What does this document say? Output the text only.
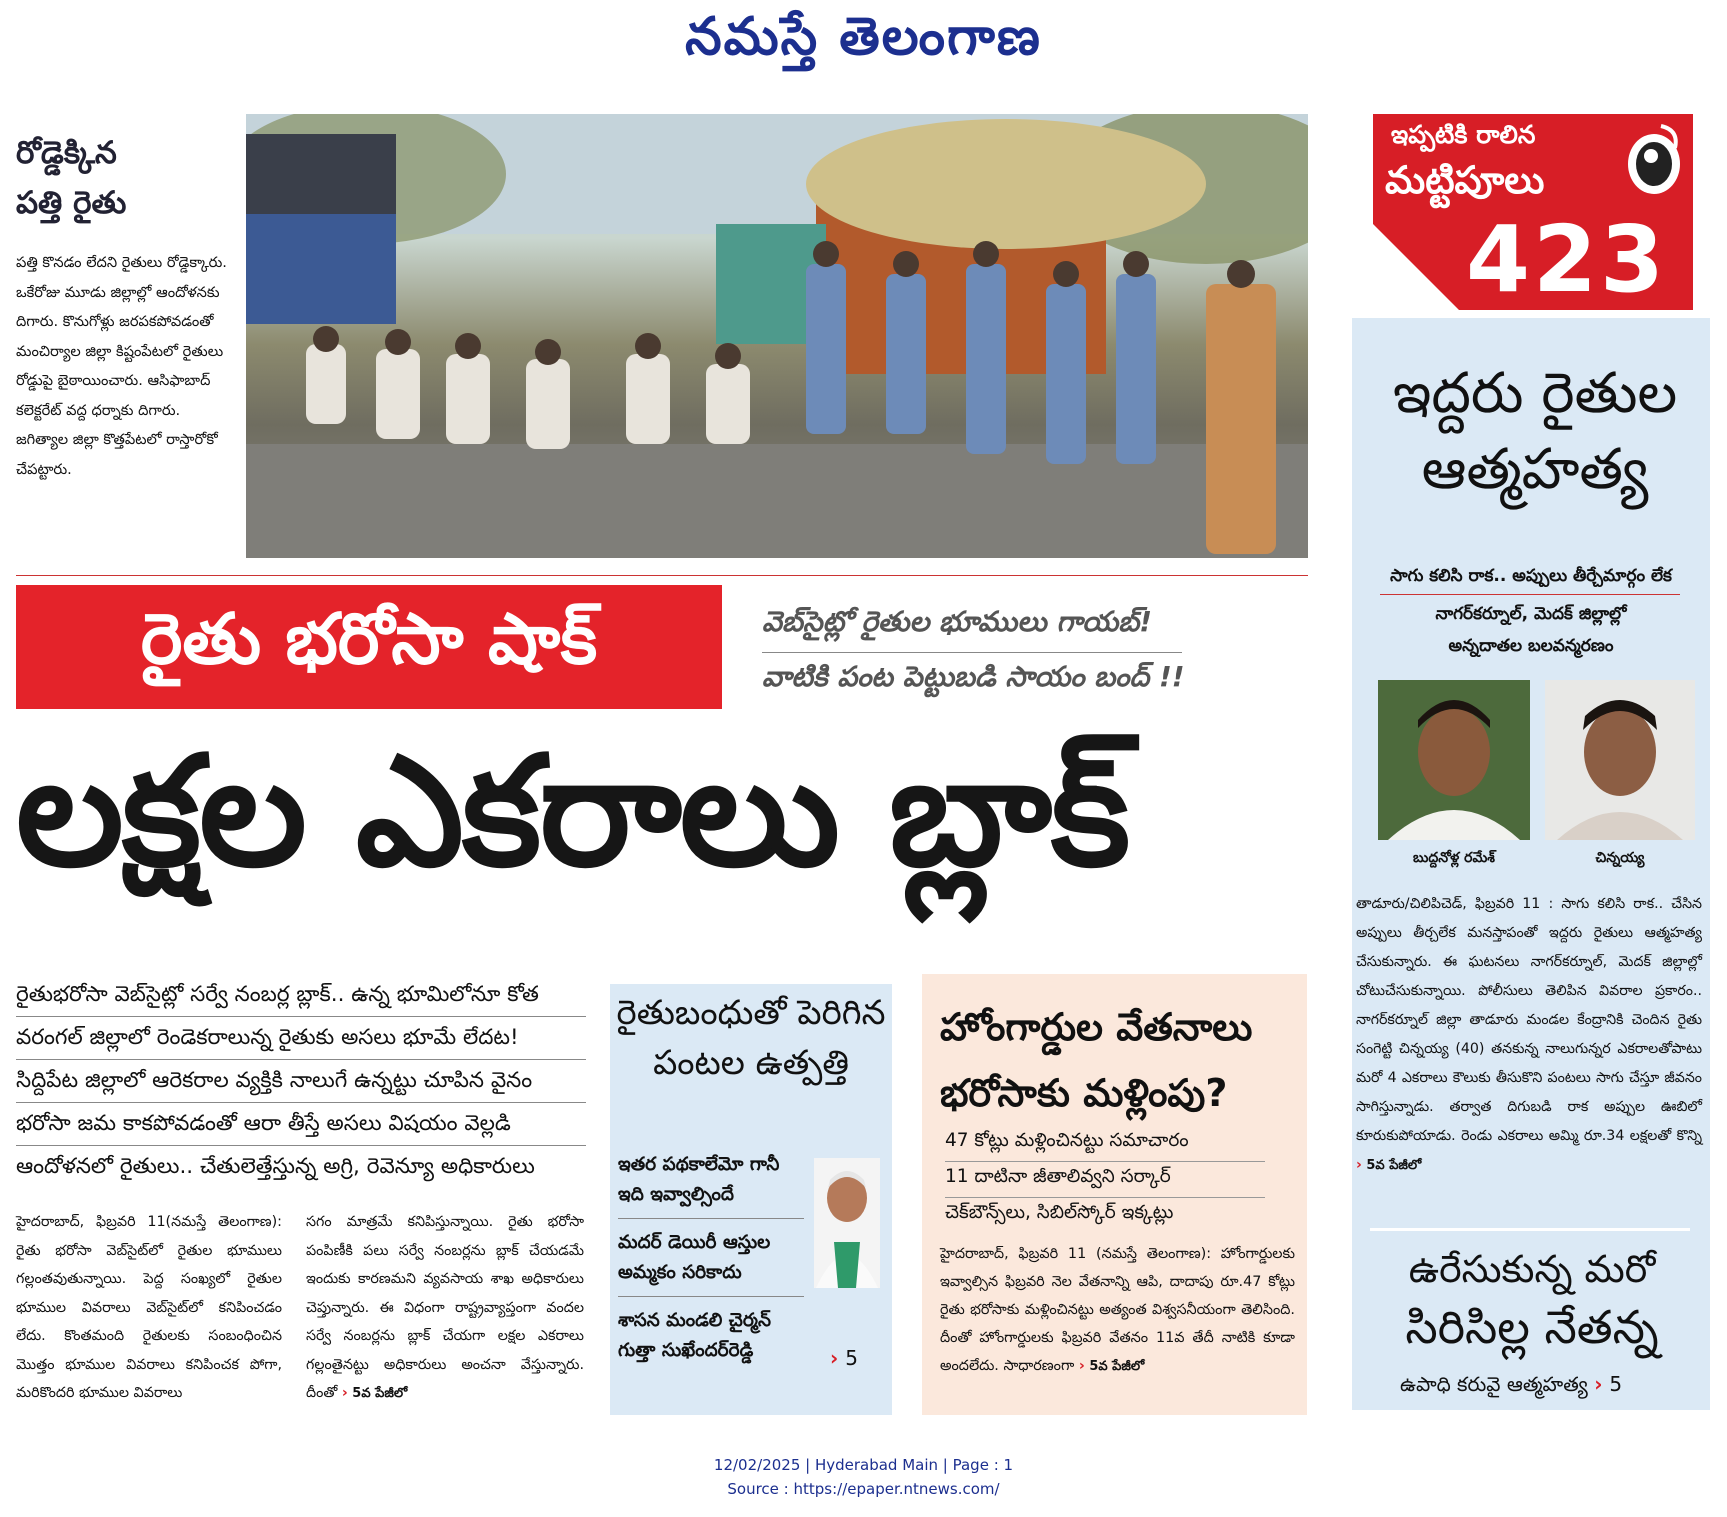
నమస్తే తెలంగాణ
రోడ్డెక్కిన
పత్తి రైతు
పత్తి కొనడం లేదని రైతులు రోడ్డెక్కారు. ఒకేరోజు మూడు జిల్లాల్లో ఆందోళనకు దిగారు. కొనుగోళ్లు జరపకపోవడంతో మంచిర్యాల జిల్లా కిష్టంపేటలో రైతులు రోడ్డుపై బైఠాయించారు. ఆసిఫాబాద్ కలెక్టరేట్ వద్ద ధర్నాకు దిగారు. జగిత్యాల జిల్లా కొత్తపేటలో రాస్తారోకో చేపట్టారు.
ఇప్పటికి రాలిన
మట్టిపూలు
423
ఇద్దరు రైతుల
ఆత్మహత్య
సాగు కలిసి రాక.. అప్పులు తీర్చేమార్గం లేక
నాగర్‌కర్నూల్, మెదక్ జిల్లాల్లో
అన్నదాతల బలవన్మరణం
బుద్దనోళ్ల రమేశ్	చిన్నయ్య
తాడూరు/చిలిపిచెడ్, ఫిబ్రవరి 11 : సాగు కలిసి రాక.. చేసిన అప్పులు తీర్చలేక మనస్తాపంతో ఇద్దరు రైతులు ఆత్మహత్య చేసుకున్నారు. ఈ ఘటనలు నాగర్‌కర్నూల్, మెదక్ జిల్లాల్లో చోటుచేసుకున్నాయి. పోలీసులు తెలిపిన వివరాల ప్రకారం.. నాగర్‌కర్నూల్ జిల్లా తాడూరు మండల కేంద్రానికి చెందిన రైతు సంగెట్టి చిన్నయ్య (40) తనకున్న నాలుగున్నర ఎకరాలతోపాటు మరో 4 ఎకరాలు కౌలుకు తీసుకొని పంటలు సాగు చేస్తూ జీవనం సాగిస్తున్నాడు. తర్వాత దిగుబడి రాక అప్పుల ఊబిలో కూరుకుపోయాడు. రెండు ఎకరాలు అమ్మి రూ.34 లక్షలతో కొన్ని › 5వ పేజీలో
ఉరేసుకున్న మరో
సిరిసిల్ల నేతన్న
ఉపాధి కరువై ఆత్మహత్య › 5
రైతు భరోసా షాక్	వెబ్‌సైట్లో రైతుల భూములు గాయబ్!
వాటికి పంట పెట్టుబడి సాయం బంద్ !!
లక్షల ఎకరాలు బ్లాక్
రైతుభరోసా వెబ్‌సైట్లో సర్వే నంబర్ల బ్లాక్.. ఉన్న భూమిలోనూ కోత
వరంగల్ జిల్లాలో రెండెకరాలున్న రైతుకు అసలు భూమే లేదట!
సిద్దిపేట జిల్లాలో ఆరెకరాల వ్యక్తికి నాలుగే ఉన్నట్టు చూపిన వైనం
భరోసా జమ కాకపోవడంతో ఆరా తీస్తే అసలు విషయం వెల్లడి
ఆందోళనలో రైతులు.. చేతులెత్తేస్తున్న అగ్రి, రెవెన్యూ అధికారులు
హైదరాబాద్, ఫిబ్రవరి 11(నమస్తే తెలంగాణ): రైతు భరోసా వెబ్‌సైట్‌లో రైతుల భూములు గల్లంతవుతున్నాయి. పెద్ద సంఖ్యలో రైతుల భూముల వివరాలు వెబ్‌సైట్‌లో కనిపించడం లేదు. కొంతమంది రైతులకు సంబంధించిన మొత్తం భూముల వివరాలు కనిపించక పోగా, మరికొందరి భూముల వివరాలు
సగం మాత్రమే కనిపిస్తున్నాయి. రైతు భరోసా పంపిణీకి పలు సర్వే నంబర్లను బ్లాక్ చేయడమే ఇందుకు కారణమని వ్యవసాయ శాఖ అధికారులు చెప్తున్నారు. ఈ విధంగా రాష్ట్రవ్యాప్తంగా వందల సర్వే నంబర్లను బ్లాక్ చేయగా లక్షల ఎకరాలు గల్లంతైనట్టు అధికారులు అంచనా వేస్తున్నారు. దీంతో › 5వ పేజీలో
రైతుబంధుతో పెరిగిన పంటల ఉత్పత్తి
ఇతర పథకాలేమో గానీ ఇది ఇవ్వాల్సిందే
మదర్ డెయిరీ ఆస్తుల అమ్మకం సరికాదు
శాసన మండలి చైర్మన్ గుత్తా సుఖేందర్‌రెడ్డి	› 5
హోంగార్డుల వేతనాలు
భరోసాకు మళ్లింపు?
47 కోట్లు మళ్లించినట్టు సమాచారం
11 దాటినా జీతాలివ్వని సర్కార్
చెక్‌బౌన్స్‌లు, సిబిల్‌స్కోర్ ఇక్కట్లు
హైదరాబాద్, ఫిబ్రవరి 11 (నమస్తే తెలంగాణ): హోంగార్డులకు ఇవ్వాల్సిన ఫిబ్రవరి నెల వేతనాన్ని ఆపి, దాదాపు రూ.47 కోట్లు రైతు భరోసాకు మళ్లించినట్టు అత్యంత విశ్వసనీయంగా తెలిసింది. దీంతో హోంగార్డులకు ఫిబ్రవరి వేతనం 11వ తేదీ నాటికి కూడా అందలేదు. సాధారణంగా › 5వ పేజీలో
12/02/2025 | Hyderabad Main | Page : 1
Source : https://epaper.ntnews.com/
